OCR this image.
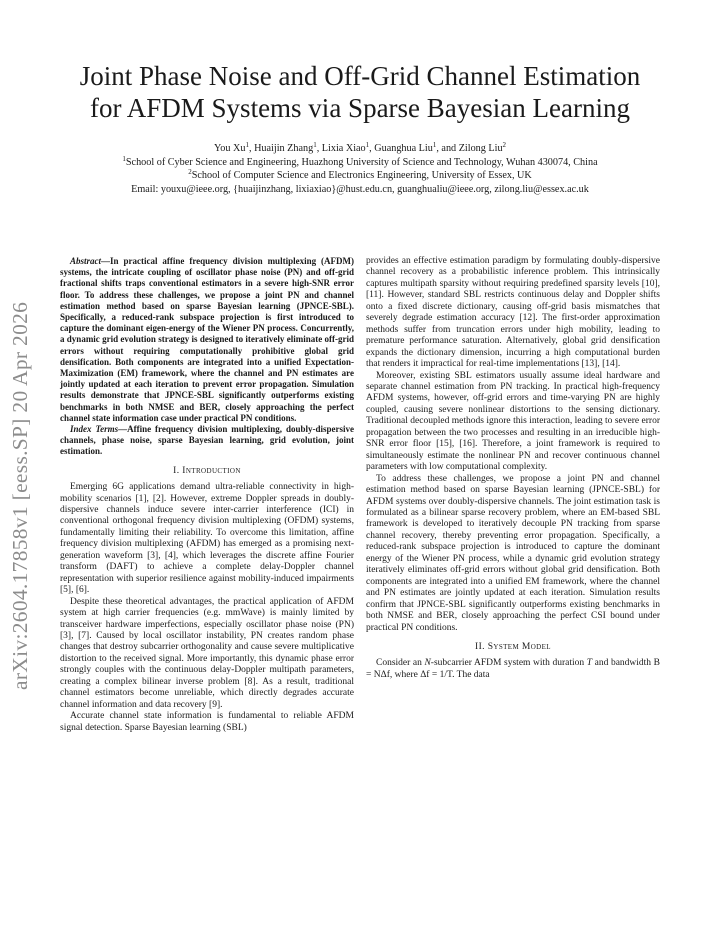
arXiv:2604.17858v1 [eess.SP] 20 Apr 2026
Joint Phase Noise and Off-Grid Channel Estimation
for AFDM Systems via Sparse Bayesian Learning
You Xu$^1$, Huaijin Zhang$^1$, Lixia Xiao$^1$, Guanghua Liu$^1$, and Zilong Liu$^2$
$^1$School of Cyber Science and Engineering, Huazhong University of Science and Technology, Wuhan 430074, China
$^2$School of Computer Science and Electronics Engineering, University of Essex, UK
Email: youxu@ieee.org, {huaijinzhang, lixiaxiao}@hust.edu.cn, guanghualiu@ieee.org, zilong.liu@essex.ac.uk

Abstract—In practical affine frequency division multiplexing (AFDM) systems, the intricate coupling of oscillator phase noise (PN) and off-grid fractional shifts traps conventional estimators in a severe high-SNR error floor. To address these challenges, we propose a joint PN and channel estimation method based on sparse Bayesian learning (JPNCE-SBL). Specifically, a reduced-rank subspace projection is first introduced to capture the dominant eigen-energy of the Wiener PN process. Concurrently, a dynamic grid evolution strategy is designed to iteratively eliminate off-grid errors without requiring computationally prohibitive global grid densification. Both components are integrated into a unified Expectation-Maximization (EM) framework, where the channel and PN estimates are jointly updated at each iteration to prevent error propagation. Simulation results demonstrate that JPNCE-SBL significantly outperforms existing benchmarks in both NMSE and BER, closely approaching the perfect channel state information case under practical PN conditions.

Index Terms—Affine frequency division multiplexing, doubly-dispersive channels, phase noise, sparse Bayesian learning, grid evolution, joint estimation.

I. Introduction

Emerging 6G applications demand ultra-reliable connectivity in high-mobility scenarios [1], [2]. However, extreme Doppler spreads in doubly-dispersive channels induce severe inter-carrier interference (ICI) in conventional orthogonal frequency division multiplexing (OFDM) systems, fundamentally limiting their reliability. To overcome this limitation, affine frequency division multiplexing (AFDM) has emerged as a promising next-generation waveform [3], [4], which leverages the discrete affine Fourier transform (DAFT) to achieve a complete delay-Doppler channel representation with superior resilience against mobility-induced impairments [5], [6].

Despite these theoretical advantages, the practical application of AFDM system at high carrier frequencies (e.g. mmWave) is mainly limited by transceiver hardware imperfections, especially oscillator phase noise (PN) [3], [7]. Caused by local oscillator instability, PN creates random phase changes that destroy subcarrier orthogonality and cause severe multiplicative distortion to the received signal. More importantly, this dynamic phase error strongly couples with the continuous delay-Doppler multipath parameters, creating a complex bilinear inverse problem [8]. As a result, traditional channel estimators become unreliable, which directly degrades accurate channel information and data recovery [9].

Accurate channel state information is fundamental to reliable AFDM signal detection. Sparse Bayesian learning (SBL)

provides an effective estimation paradigm by formulating doubly-dispersive channel recovery as a probabilistic inference problem. This intrinsically captures multipath sparsity without requiring predefined sparsity levels [10], [11]. However, standard SBL restricts continuous delay and Doppler shifts onto a fixed discrete dictionary, causing off-grid basis mismatches that severely degrade estimation accuracy [12]. The first-order approximation methods suffer from truncation errors under high mobility, leading to premature performance saturation. Alternatively, global grid densification expands the dictionary dimension, incurring a high computational burden that renders it impractical for real-time implementations [13], [14].

Moreover, existing SBL estimators usually assume ideal hardware and separate channel estimation from PN tracking. In practical high-frequency AFDM systems, however, off-grid errors and time-varying PN are highly coupled, causing severe nonlinear distortions to the sensing dictionary. Traditional decoupled methods ignore this interaction, leading to severe error propagation between the two processes and resulting in an irreducible high-SNR error floor [15], [16]. Therefore, a joint framework is required to simultaneously estimate the nonlinear PN and recover continuous channel parameters with low computational complexity.

To address these challenges, we propose a joint PN and channel estimation method based on sparse Bayesian learning (JPNCE-SBL) for AFDM systems over doubly-dispersive channels. The joint estimation task is formulated as a bilinear sparse recovery problem, where an EM-based SBL framework is developed to iteratively decouple PN tracking from sparse channel recovery, thereby preventing error propagation. Specifically, a reduced-rank subspace projection is introduced to capture the dominant energy of the Wiener PN process, while a dynamic grid evolution strategy iteratively eliminates off-grid errors without global grid densification. Both components are integrated into a unified EM framework, where the channel and PN estimates are jointly updated at each iteration. Simulation results confirm that JPNCE-SBL significantly outperforms existing benchmarks in both NMSE and BER, closely approaching the perfect CSI bound under practical PN conditions.

II. System Model

Consider an N-subcarrier AFDM system with duration T and bandwidth B = NΔf, where Δf = 1/T. The data
